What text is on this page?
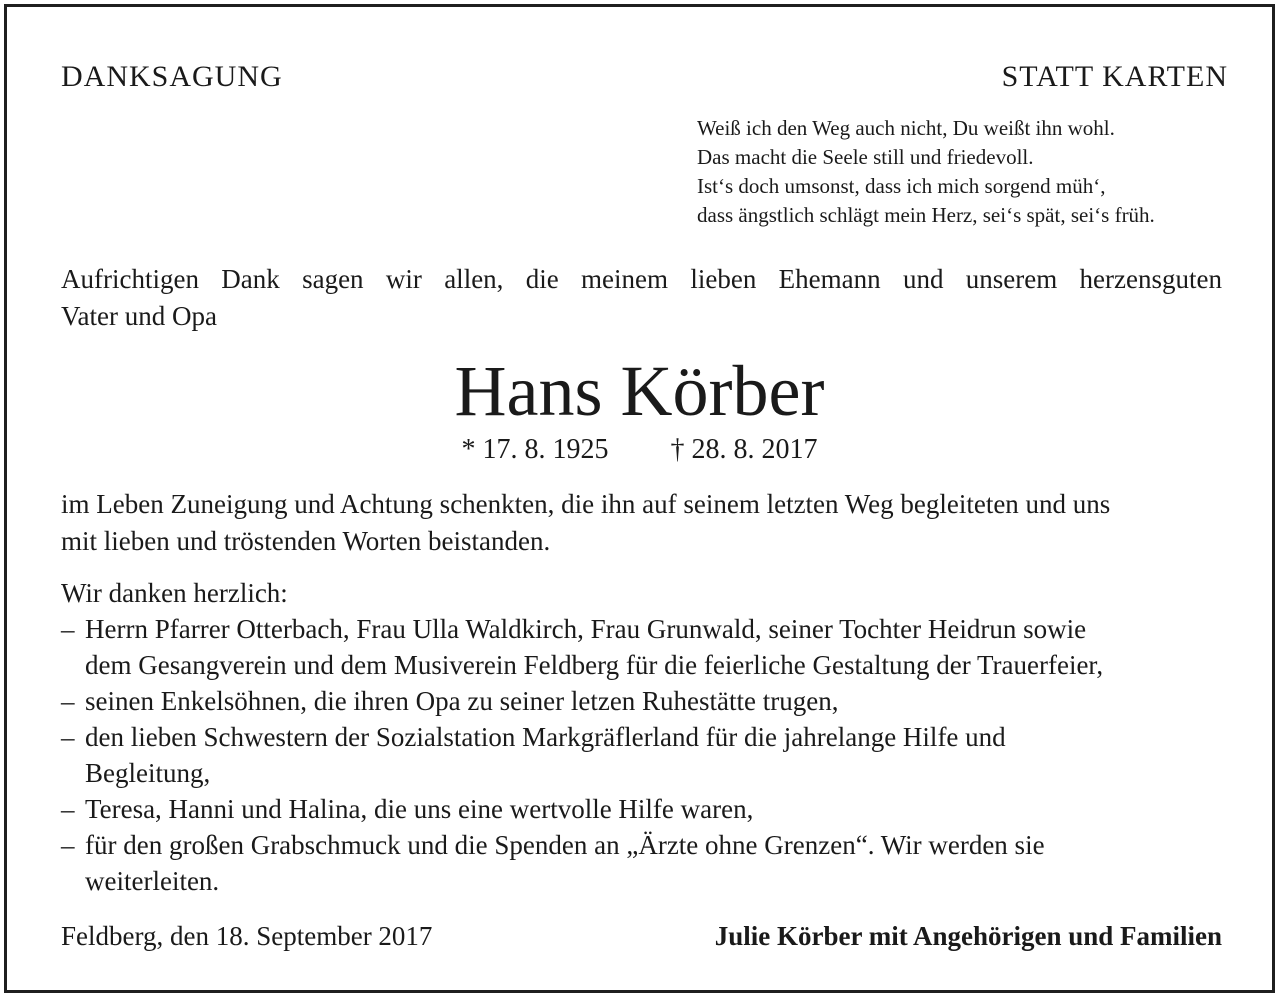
DANKSAGUNG	STATT KARTEN
Weiß ich den Weg auch nicht, Du weißt ihn wohl.
Das macht die Seele still und friedevoll.
Ist‘s doch umsonst, dass ich mich sorgend müh‘,
dass ängstlich schlägt mein Herz, sei‘s spät, sei‘s früh.
Aufrichtigen Dank sagen wir allen, die meinem lieben Ehemann und unserem herzensguten
Vater und Opa
Hans Körber
* 17. 8. 1925 † 28. 8. 2017
im Leben Zuneigung und Achtung schenkten, die ihn auf seinem letzten Weg begleiteten und uns
mit lieben und tröstenden Worten beistanden.
Wir danken herzlich:
– Herrn Pfarrer Otterbach, Frau Ulla Waldkirch, Frau Grunwald, seiner Tochter Heidrun sowie
dem Gesangverein und dem Musiverein Feldberg für die feierliche Gestaltung der Trauerfeier,
– seinen Enkelsöhnen, die ihren Opa zu seiner letzen Ruhestätte trugen,
– den lieben Schwestern der Sozialstation Markgräflerland für die jahrelange Hilfe und
Begleitung,
– Teresa, Hanni und Halina, die uns eine wertvolle Hilfe waren,
– für den großen Grabschmuck und die Spenden an „Ärzte ohne Grenzen“. Wir werden sie
weiterleiten.
Feldberg, den 18. September 2017	Julie Körber mit Angehörigen und Familien
